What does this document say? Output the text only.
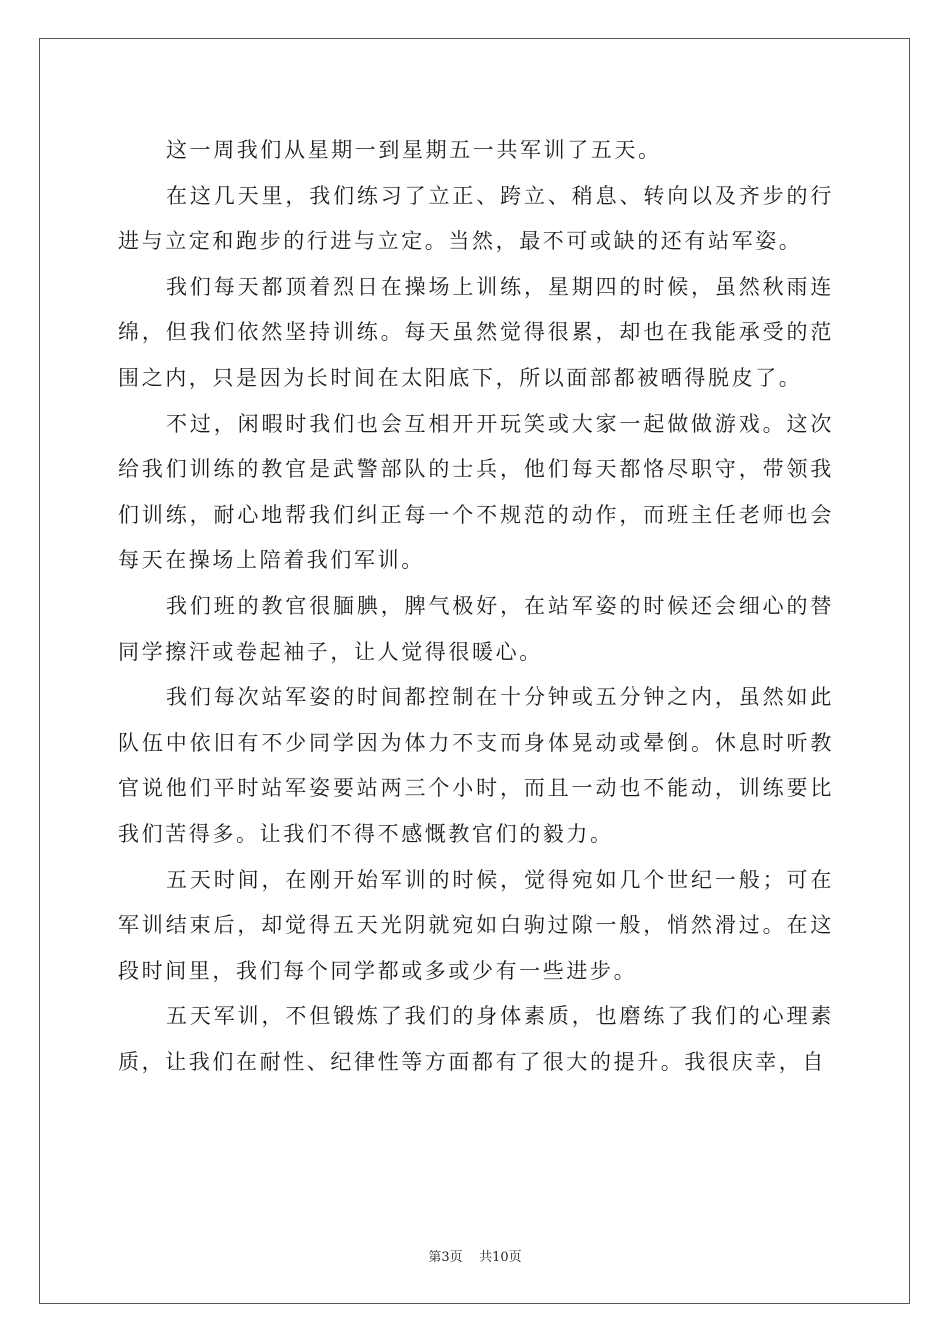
这一周我们从星期一到星期五一共军训了五天。

在这几天里，我们练习了立正、跨立、稍息、转向以及齐步的行进与立定和跑步的行进与立定。当然，最不可或缺的还有站军姿。

我们每天都顶着烈日在操场上训练，星期四的时候，虽然秋雨连绵，但我们依然坚持训练。每天虽然觉得很累，却也在我能承受的范围之内，只是因为长时间在太阳底下，所以面部都被晒得脱皮了。

不过，闲暇时我们也会互相开开玩笑或大家一起做做游戏。这次给我们训练的教官是武警部队的士兵，他们每天都恪尽职守，带领我们训练，耐心地帮我们纠正每一个不规范的动作，而班主任老师也会每天在操场上陪着我们军训。

我们班的教官很腼腆，脾气极好，在站军姿的时候还会细心的替同学擦汗或卷起袖子，让人觉得很暖心。

我们每次站军姿的时间都控制在十分钟或五分钟之内，虽然如此队伍中依旧有不少同学因为体力不支而身体晃动或晕倒。休息时听教官说他们平时站军姿要站两三个小时，而且一动也不能动，训练要比我们苦得多。让我们不得不感慨教官们的毅力。

五天时间，在刚开始军训的时候，觉得宛如几个世纪一般；可在军训结束后，却觉得五天光阴就宛如白驹过隙一般，悄然滑过。在这段时间里，我们每个同学都或多或少有一些进步。

五天军训，不但锻炼了我们的身体素质，也磨练了我们的心理素质，让我们在耐性、纪律性等方面都有了很大的提升。我很庆幸，自

第3页    共10页
